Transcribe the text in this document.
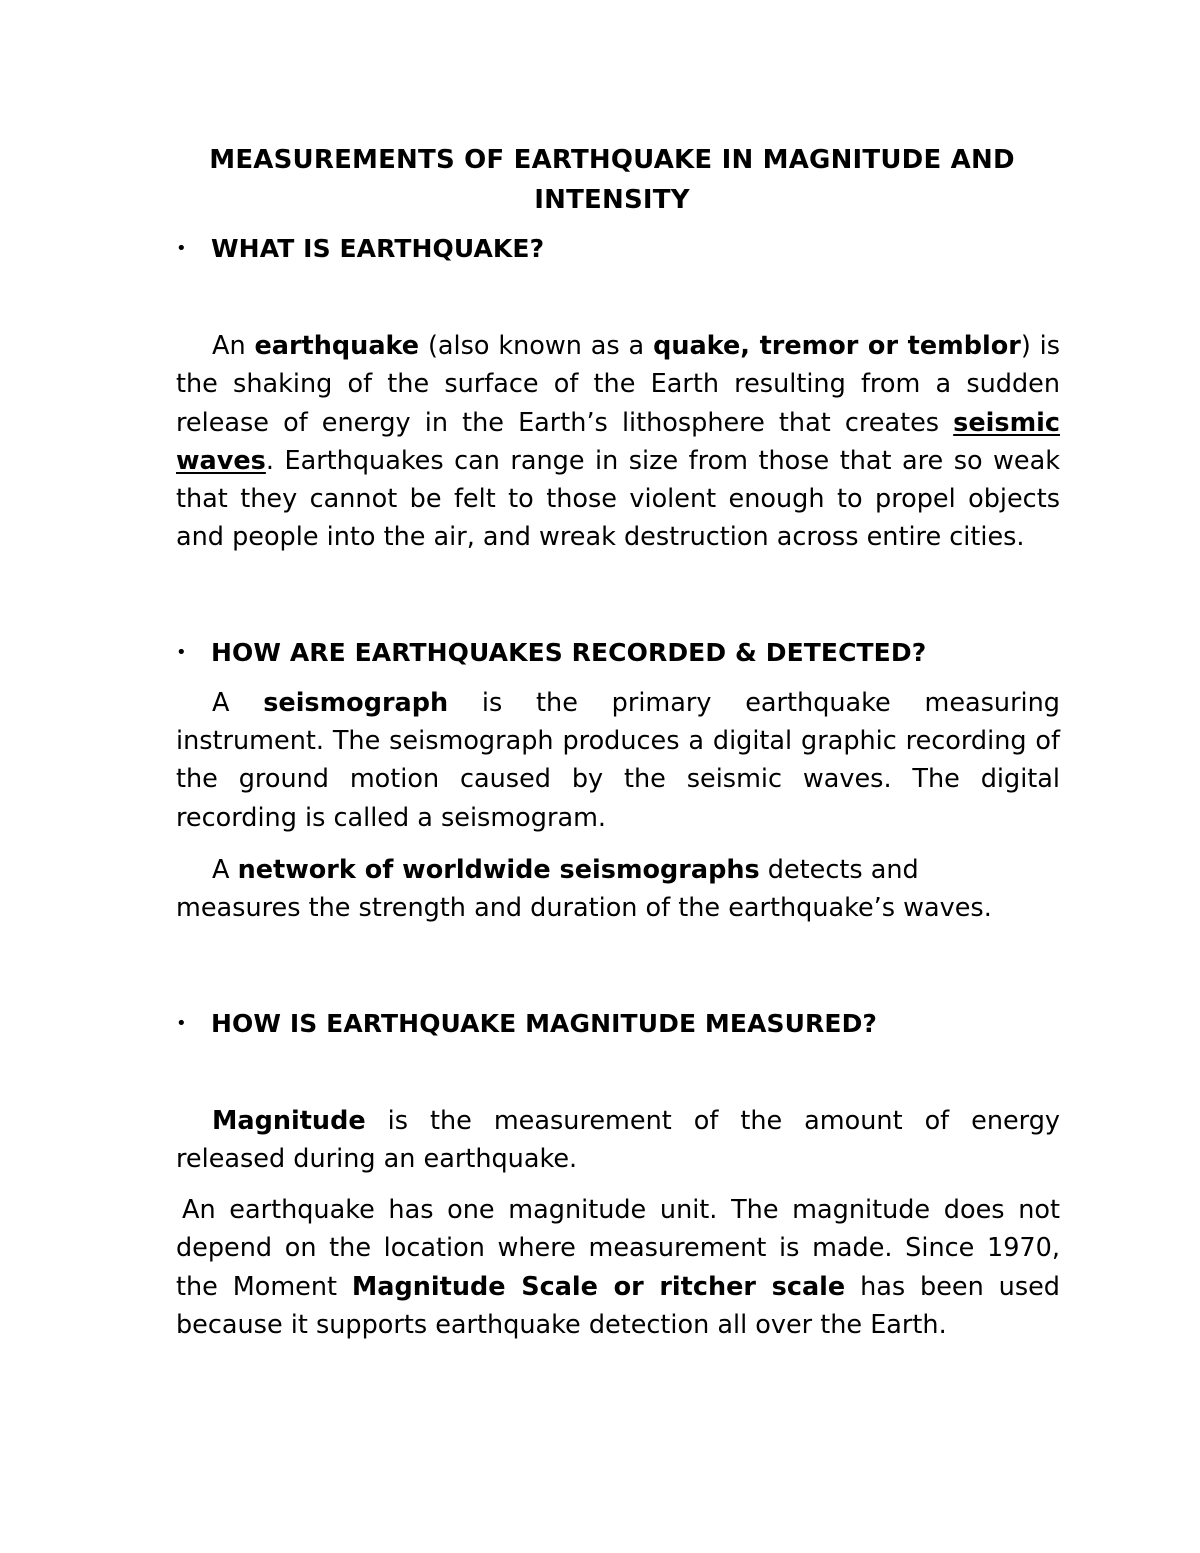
MEASUREMENTS OF EARTHQUAKE IN MAGNITUDE AND INTENSITY

• WHAT IS EARTHQUAKE?

An earthquake (also known as a quake, tremor or temblor) is the shaking of the surface of the Earth resulting from a sudden release of energy in the Earth’s lithosphere that creates seismic waves. Earthquakes can range in size from those that are so weak that they cannot be felt to those violent enough to propel objects and people into the air, and wreak destruction across entire cities.

• HOW ARE EARTHQUAKES RECORDED & DETECTED?

A seismograph is the primary earthquake measuring instrument. The seismograph produces a digital graphic recording of the ground motion caused by the seismic waves. The digital recording is called a seismogram.

A network of worldwide seismographs detects and
measures the strength and duration of the earthquake’s waves.

• HOW IS EARTHQUAKE MAGNITUDE MEASURED?

Magnitude is the measurement of the amount of energy released during an earthquake.

An earthquake has one magnitude unit. The magnitude does not depend on the location where measurement is made. Since 1970, the Moment Magnitude Scale or ritcher scale has been used because it supports earthquake detection all over the Earth.
